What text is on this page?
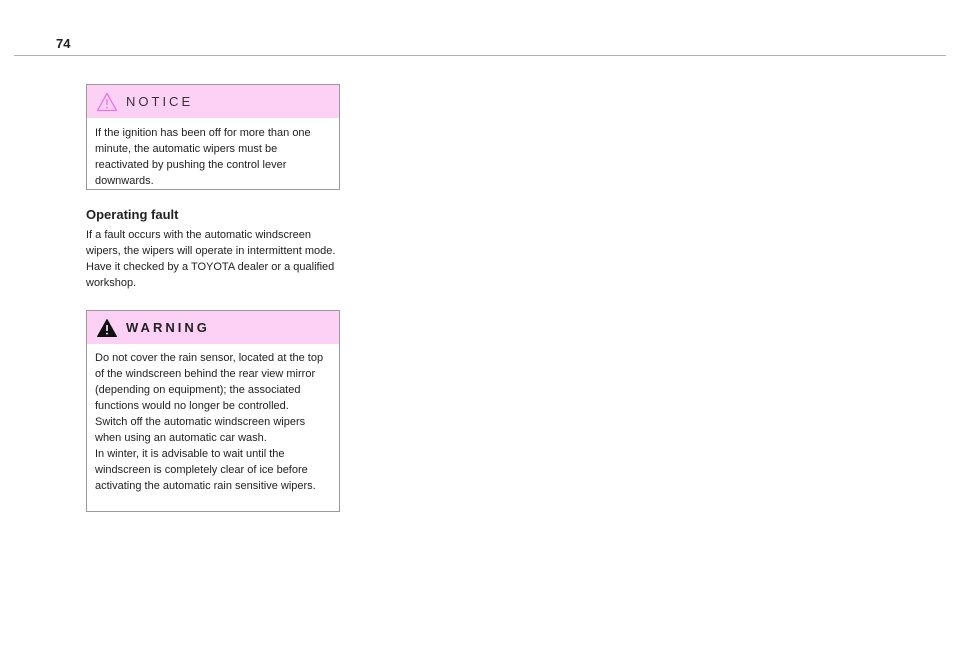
74
NOTICE

If the ignition has been off for more than one minute, the automatic wipers must be reactivated by pushing the control lever downwards.

Operating fault

If a fault occurs with the automatic windscreen wipers, the wipers will operate in intermittent mode.

Have it checked by a TOYOTA dealer or a qualified workshop.

WARNING

Do not cover the rain sensor, located at the top of the windscreen behind the rear view mirror (depending on equipment); the associated functions would no longer be controlled.

Switch off the automatic windscreen wipers when using an automatic car wash.

In winter, it is advisable to wait until the windscreen is completely clear of ice before activating the automatic rain sensitive wipers.
